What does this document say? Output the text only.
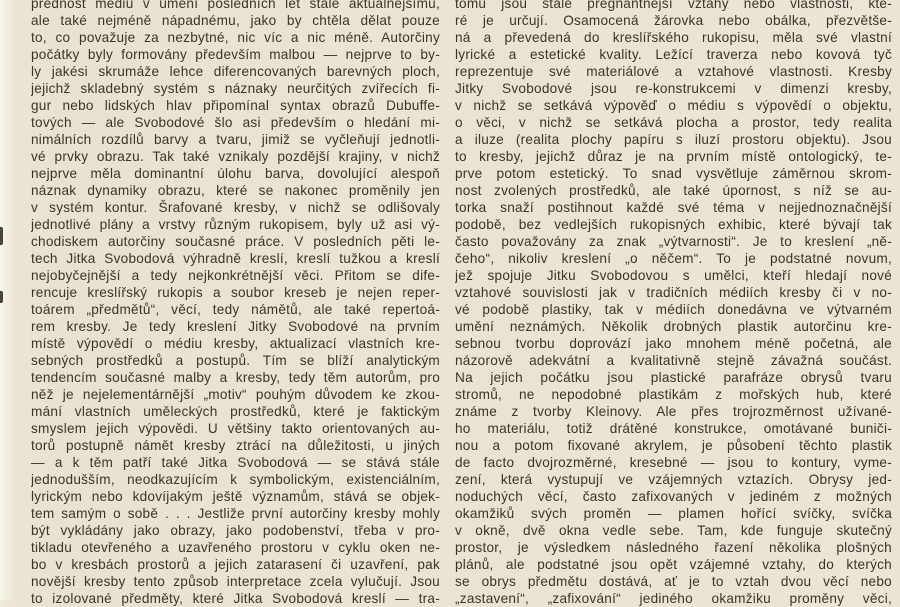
přednost médiu v umění posledních let stále aktuálnějšímu,
ale také nejméně nápadnému, jako by chtěla dělat pouze
to, co považuje za nezbytné, nic víc a nic méně. Autorčiny
počátky byly formovány především malbou — nejprve to by-
ly jakési skrumáže lehce diferencovaných barevných ploch,
jejichž skladebný systém s náznaky neurčitých zvířecích fi-
gur nebo lidských hlav připomínal syntax obrazů Dubuffe-
tových — ale Svobodové šlo asi především o hledání mi-
nimálních rozdílů barvy a tvaru, jimiž se vyčleňují jednotli-
vé prvky obrazu. Tak také vznikaly pozdější krajiny, v nichž
nejprve měla dominantní úlohu barva, dovolující alespoň
náznak dynamiky obrazu, které se nakonec proměnily jen
v systém kontur. Šrafované kresby, v nichž se odlišovaly
jednotlivé plány a vrstvy různým rukopisem, byly už asi vý-
chodiskem autorčiny současné práce. V posledních pěti le-
tech Jitka Svobodová výhradně kreslí, kreslí tužkou a kreslí
nejobyčejnější a tedy nejkonkrétnější věci. Přitom se dife-
rencuje kreslířský rukopis a soubor kreseb je nejen reper-
toárem „předmětů“, věcí, tedy námětů, ale také repertoá-
rem kresby. Je tedy kreslení Jitky Svobodové na prvním
místě výpovědí o médiu kresby, aktualizací vlastních kre-
sebných prostředků a postupů. Tím se blíží analytickým
tendencím současné malby a kresby, tedy těm autorům, pro
něž je nejelementárnější „motiv“ pouhým důvodem ke zkou-
mání vlastních uměleckých prostředků, které je faktickým
smyslem jejich výpovědi. U většiny takto orientovaných au-
torů postupně námět kresby ztrácí na důležitosti, u jiných
— a k těm patří také Jitka Svobodová — se stává stále
jednodušším, neodkazujícím k symbolickým, existenciálním,
lyrickým nebo kdovíjakým ještě významům, stává se objek-
tem samým o sobě . . . Jestliže první autorčiny kresby mohly
být vykládány jako obrazy, jako podobenství, třeba v pro-
tikladu otevřeného a uzavřeného prostoru v cyklu oken ne-
bo v kresbách prostorů a jejich zatarasení či uzavření, pak
novější kresby tento způsob interpretace zcela vylučují. Jsou
to izolované předměty, které Jitka Svobodová kreslí — tra-
tomu jsou stále pregnantnější vztahy nebo vlastnosti, kte-
ré je určují. Osamocená žárovka nebo obálka, přezvětše-
ná a převedená do kreslířského rukopisu, měla své vlastní
lyrické a estetické kvality. Ležící traverza nebo kovová tyč
reprezentuje své materiálové a vztahové vlastnosti. Kresby
Jitky Svobodové jsou re-konstrukcemi v dimenzi kresby,
v nichž se setkává výpověď o médiu s výpovědí o objektu,
o věci, v nichž se setkává plocha a prostor, tedy realita
a iluze (realita plochy papíru s iluzí prostoru objektu). Jsou
to kresby, jejichž důraz je na prvním místě ontologický, te-
prve potom estetický. To snad vysvětluje záměrnou skrom-
nost zvolených prostředků, ale také úpornost, s níž se au-
torka snaží postihnout každé své téma v nejjednoznačnější
podobě, bez vedlejších rukopisných exhibic, které bývají tak
často považovány za znak „výtvarnosti“. Je to kreslení „ně-
čeho“, nikoliv kreslení „o něčem“. To je podstatné novum,
jež spojuje Jitku Svobodovou s umělci, kteří hledají nové
vztahové souvislosti jak v tradičních médiích kresby či v no-
vé podobě plastiky, tak v médiích donedávna ve výtvarném
umění neznámých. Několik drobných plastik autorčinu kre-
sebnou tvorbu doprovází jako mnohem méně početná, ale
názorově adekvátní a kvalitativně stejně závažná součást.
Na jejich počátku jsou plastické parafráze obrysů tvaru
stromů, ne nepodobné plastikám z mořských hub, které
známe z tvorby Kleinovy. Ale přes trojrozměrnost užívané-
ho materiálu, totiž drátěné konstrukce, omotávané buniči-
nou a potom fixované akrylem, je působení těchto plastik
de facto dvojrozměrné, kresebné — jsou to kontury, vyme-
zení, která vystupují ve vzájemných vztazích. Obrysy jed-
noduchých věcí, často zafixovaných v jediném z možných
okamžiků svých proměn — plamen hořící svíčky, svíčka
v okně, dvě okna vedle sebe. Tam, kde funguje skutečný
prostor, je výsledkem následného řazení několika plošných
plánů, ale podstatné jsou opět vzájemné vztahy, do kterých
se obrys předmětu dostává, ať je to vztah dvou věcí nebo
„zastavení“, „zafixování“ jediného okamžiku proměny věci,
